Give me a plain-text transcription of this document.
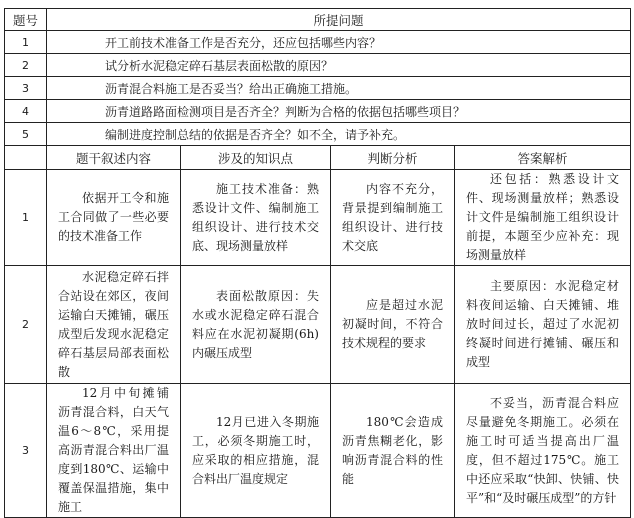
题号	所提问题			
1	开工前技术准备工作是否充分，还应包括哪些内容？			
2	试分析水泥稳定碎石基层表面松散的原因？			
3	沥青混合料施工是否妥当？给出正确施工措施。			
4	沥青道路路面检测项目是否齐全？判断为合格的依据包括哪些项目？			
5	编制进度控制总结的依据是否齐全？如不全，请予补充。			
	题干叙述内容	涉及的知识点	判断分析	答案解析
1	依据开工令和施工合同做了一些必要的技术准备工作	施工技术准备：熟悉设计文件、编制施工组织设计、进行技术交底、现场测量放样	内容不充分，背景提到编制施工组织设计、进行技术交底	还包括：熟悉设计文件、现场测量放样；熟悉设计文件是编制施工组织设计前提，本题至少应补充：现场测量放样

2	水泥稳定碎石拌合站设在郊区，夜间运输白天摊铺，碾压成型后发现水泥稳定碎石基层局部表面松散	表面松散原因：失水或水泥稳定碎石混合料应在水泥初凝期(6h)内碾压成型	应是超过水泥初凝时间，不符合技术规程的要求	主要原因：水泥稳定材料夜间运输、白天摊铺、堆放时间过长，超过了水泥初终凝时间进行摊铺、碾压和成型

3	12月中旬摊铺沥青混合料，白天气温6～8℃，采用提高沥青混合料出厂温度到180℃、运输中覆盖保温措施，集中施工	12月已进入冬期施工，必须冬期施工时，应采取的相应措施，混合料出厂温度规定	180℃会造成沥青焦糊老化，影响沥青混合料的性能	不妥当，沥青混合料应尽量避免冬期施工。必须在施工时可适当提高出厂温度，但不超过175℃。施工中还应采取“快卸、快铺、快平”和“及时碾压成型”的方针
